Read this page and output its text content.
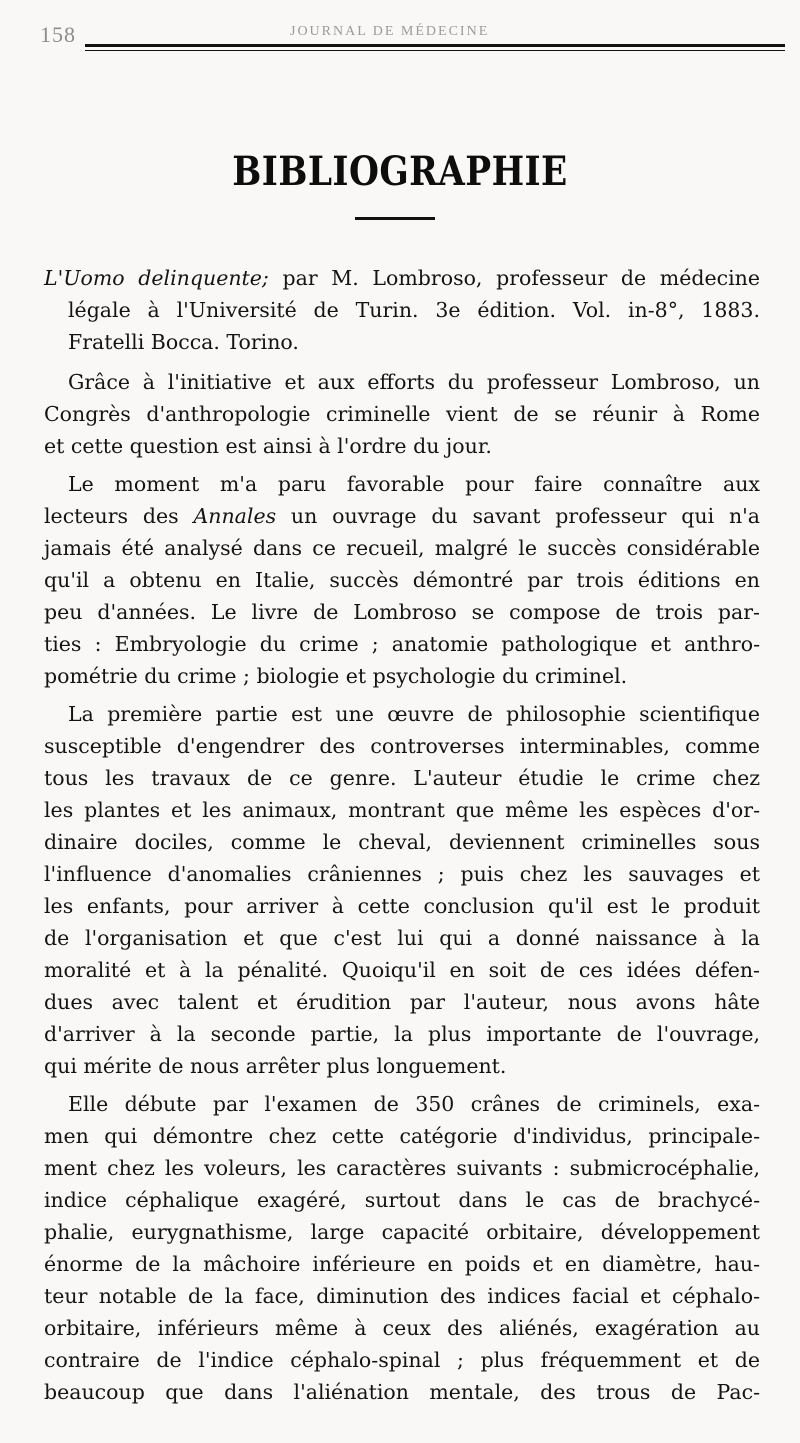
158	JOURNAL DE MÉDECINE
BIBLIOGRAPHIE
L'Uomo delinquente; par M. Lombroso, professeur de médecine
légale à l'Université de Turin. 3e édition. Vol. in-8°, 1883.
Fratelli Bocca. Torino.
Grâce à l'initiative et aux efforts du professeur Lombroso, un
Congrès d'anthropologie criminelle vient de se réunir à Rome
et cette question est ainsi à l'ordre du jour.
Le moment m'a paru favorable pour faire connaître aux
lecteurs des Annales un ouvrage du savant professeur qui n'a
jamais été analysé dans ce recueil, malgré le succès considérable
qu'il a obtenu en Italie, succès démontré par trois éditions en
peu d'années. Le livre de Lombroso se compose de trois par-
ties : Embryologie du crime ; anatomie pathologique et anthro-
pométrie du crime ; biologie et psychologie du criminel.
La première partie est une œuvre de philosophie scientifique
susceptible d'engendrer des controverses interminables, comme
tous les travaux de ce genre. L'auteur étudie le crime chez
les plantes et les animaux, montrant que même les espèces d'or-
dinaire dociles, comme le cheval, deviennent criminelles sous
l'influence d'anomalies crâniennes ; puis chez les sauvages et
les enfants, pour arriver à cette conclusion qu'il est le produit
de l'organisation et que c'est lui qui a donné naissance à la
moralité et à la pénalité. Quoiqu'il en soit de ces idées défen-
dues avec talent et érudition par l'auteur, nous avons hâte
d'arriver à la seconde partie, la plus importante de l'ouvrage,
qui mérite de nous arrêter plus longuement.
Elle débute par l'examen de 350 crânes de criminels, exa-
men qui démontre chez cette catégorie d'individus, principale-
ment chez les voleurs, les caractères suivants : submicrocéphalie,
indice céphalique exagéré, surtout dans le cas de brachycé-
phalie, eurygnathisme, large capacité orbitaire, développement
énorme de la mâchoire inférieure en poids et en diamètre, hau-
teur notable de la face, diminution des indices facial et céphalo-
orbitaire, inférieurs même à ceux des aliénés, exagération au
contraire de l'indice céphalo-spinal ; plus fréquemment et de
beaucoup que dans l'aliénation mentale, des trous de Pac-
